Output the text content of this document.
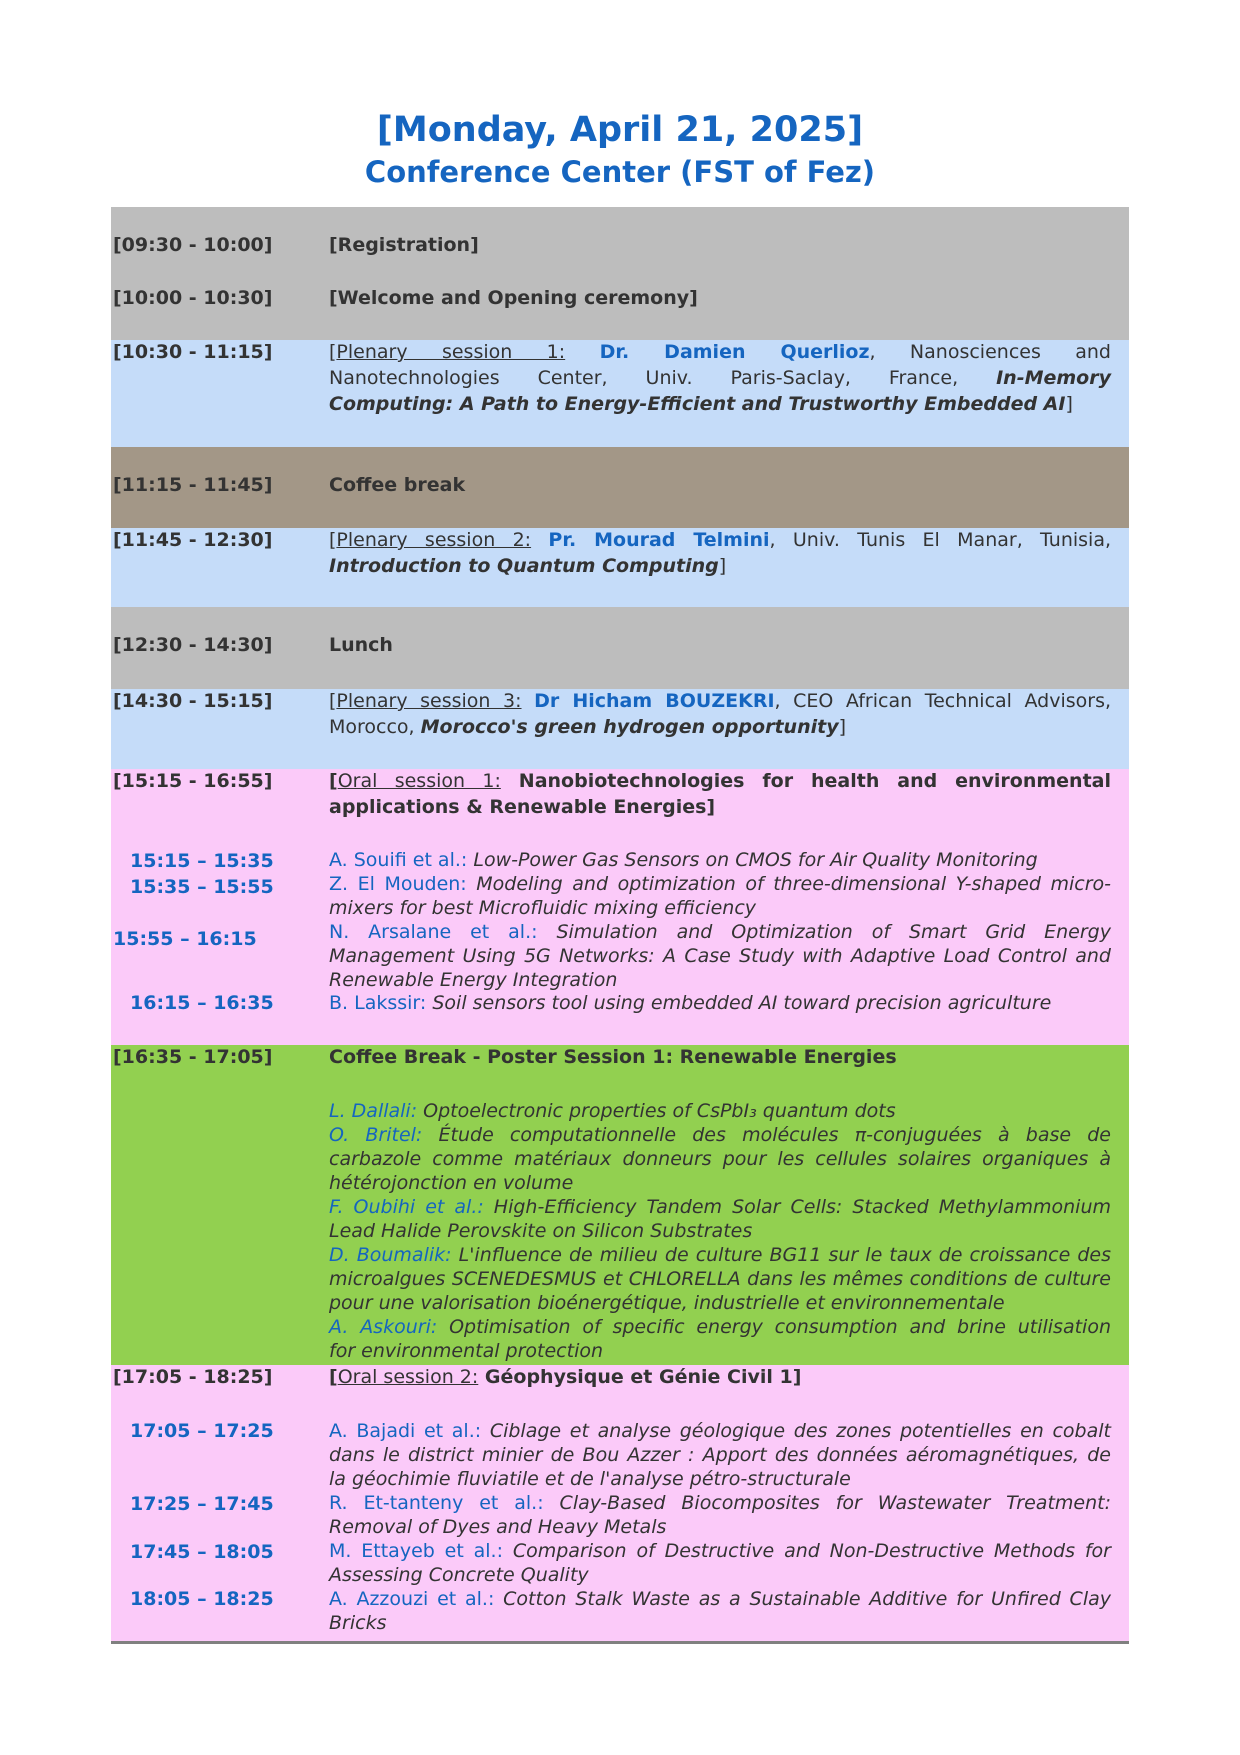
[Monday, April 21, 2025]
Conference Center (FST of Fez)
[09:30 - 10:00]	[Registration]
[10:00 - 10:30]	[Welcome and Opening ceremony]
[10:30 - 11:15]	[Plenary session 1: Dr. Damien Querlioz, Nanosciences and
Nanotechnologies Center, Univ. Paris-Saclay, France, In-Memory
Computing: A Path to Energy-Efficient and Trustworthy Embedded AI]
[11:15 - 11:45]	Coffee break
[11:45 - 12:30]	[Plenary session 2: Pr. Mourad Telmini, Univ. Tunis El Manar, Tunisia,
Introduction to Quantum Computing]
[12:30 - 14:30]	Lunch
[14:30 - 15:15]	[Plenary session 3: Dr Hicham BOUZEKRI, CEO African Technical Advisors,
Morocco, Morocco's green hydrogen opportunity]
[15:15 - 16:55]	[Oral session 1: Nanobiotechnologies for health and environmental
applications & Renewable Energies]
15:15 – 15:35	A. Souifi et al.: Low-Power Gas Sensors on CMOS for Air Quality Monitoring
15:35 – 15:55	Z. El Mouden: Modeling and optimization of three-dimensional Y-shaped micro-
mixers for best Microfluidic mixing efficiency
15:55 – 16:15	N. Arsalane et al.: Simulation and Optimization of Smart Grid Energy
Management Using 5G Networks: A Case Study with Adaptive Load Control and
Renewable Energy Integration
16:15 – 16:35	B. Lakssir: Soil sensors tool using embedded AI toward precision agriculture
[16:35 - 17:05]	Coffee Break - Poster Session 1: Renewable Energies
L. Dallali: Optoelectronic properties of CsPbI₃ quantum dots
O. Britel: Étude computationnelle des molécules π-conjuguées à base de
carbazole comme matériaux donneurs pour les cellules solaires organiques à
hétérojonction en volume
F. Oubihi et al.: High-Efficiency Tandem Solar Cells: Stacked Methylammonium
Lead Halide Perovskite on Silicon Substrates
D. Boumalik: L'influence de milieu de culture BG11 sur le taux de croissance des
microalgues SCENEDESMUS et CHLORELLA dans les mêmes conditions de culture
pour une valorisation bioénergétique, industrielle et environnementale
A. Askouri: Optimisation of specific energy consumption and brine utilisation
for environmental protection
[17:05 - 18:25]	[Oral session 2: Géophysique et Génie Civil 1]
17:05 – 17:25	A. Bajadi et al.: Ciblage et analyse géologique des zones potentielles en cobalt
dans le district minier de Bou Azzer : Apport des données aéromagnétiques, de
la géochimie fluviatile et de l'analyse pétro-structurale
17:25 – 17:45	R. Et-tanteny et al.: Clay-Based Biocomposites for Wastewater Treatment:
Removal of Dyes and Heavy Metals
17:45 – 18:05	M. Ettayeb et al.: Comparison of Destructive and Non-Destructive Methods for
Assessing Concrete Quality
18:05 – 18:25	A. Azzouzi et al.: Cotton Stalk Waste as a Sustainable Additive for Unfired Clay
Bricks
